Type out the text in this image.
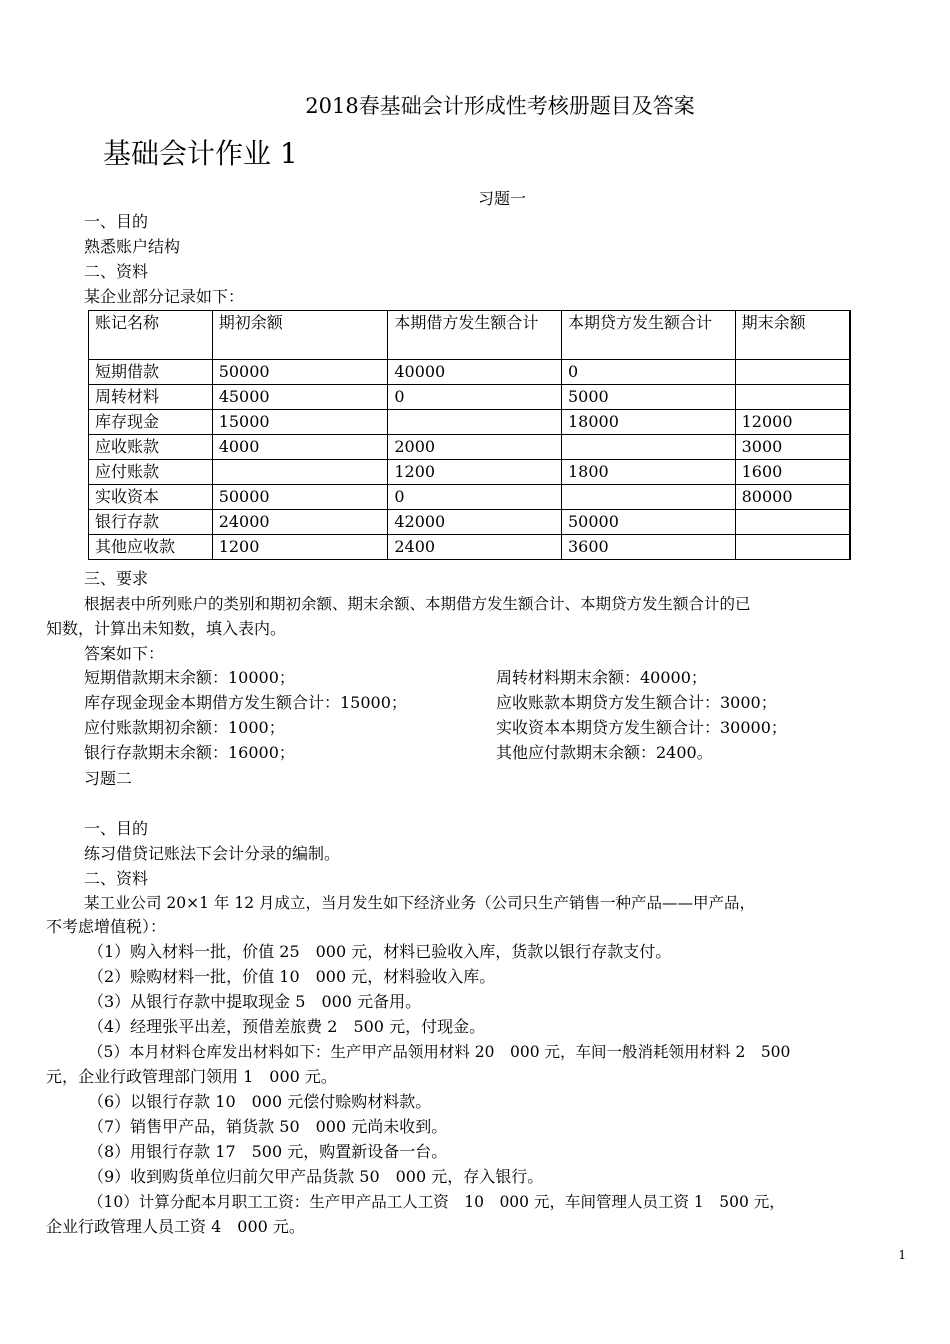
2018春基础会计形成性考核册题目及答案
基础会计作业 1
习题一
一、目的
熟悉账户结构
二、资料
某企业部分记录如下：
账记名称	期初余额	本期借方发生额合计	本期贷方发生额合计	期末余额
短期借款	50000	40000	0	
周转材料	45000	0	5000	
库存现金	15000		18000	12000
应收账款	4000	2000		3000
应付账款		1200	1800	1600
实收资本	50000	0		80000
银行存款	24000	42000	50000	
其他应收款	1200	2400	3600	
三、要求
根据表中所列账户的类别和期初余额、期末余额、本期借方发生额合计、本期贷方发生额合计的已
知数，计算出未知数，填入表内。
答案如下：
短期借款期末余额：10000；	周转材料期末余额：40000；
库存现金现金本期借方发生额合计：15000；	应收账款本期贷方发生额合计：3000；
应付账款期初余额：1000；	实收资本本期贷方发生额合计：30000；
银行存款期末余额：16000；	其他应付款期末余额：2400。
习题二
一、目的
练习借贷记账法下会计分录的编制。
二、资料
某工业公司 20×1 年 12 月成立，当月发生如下经济业务（公司只生产销售一种产品——甲产品，
不考虑增值税）：
（1）购入材料一批，价值 25　000 元，材料已验收入库，货款以银行存款支付。
（2）赊购材料一批，价值 10　000 元，材料验收入库。
（3）从银行存款中提取现金 5　000 元备用。
（4）经理张平出差，预借差旅费 2　500 元，付现金。
（5）本月材料仓库发出材料如下：生产甲产品领用材料 20　000 元，车间一般消耗领用材料 2　500
元，企业行政管理部门领用 1　000 元。
（6）以银行存款 10　000 元偿付赊购材料款。
（7）销售甲产品，销货款 50　000 元尚未收到。
（8）用银行存款 17　500 元，购置新设备一台。
（9）收到购货单位归前欠甲产品货款 50　000 元，存入银行。
（10）计算分配本月职工工资：生产甲产品工人工资　10　000 元，车间管理人员工资 1　500 元，
企业行政管理人员工资 4　000 元。
1
